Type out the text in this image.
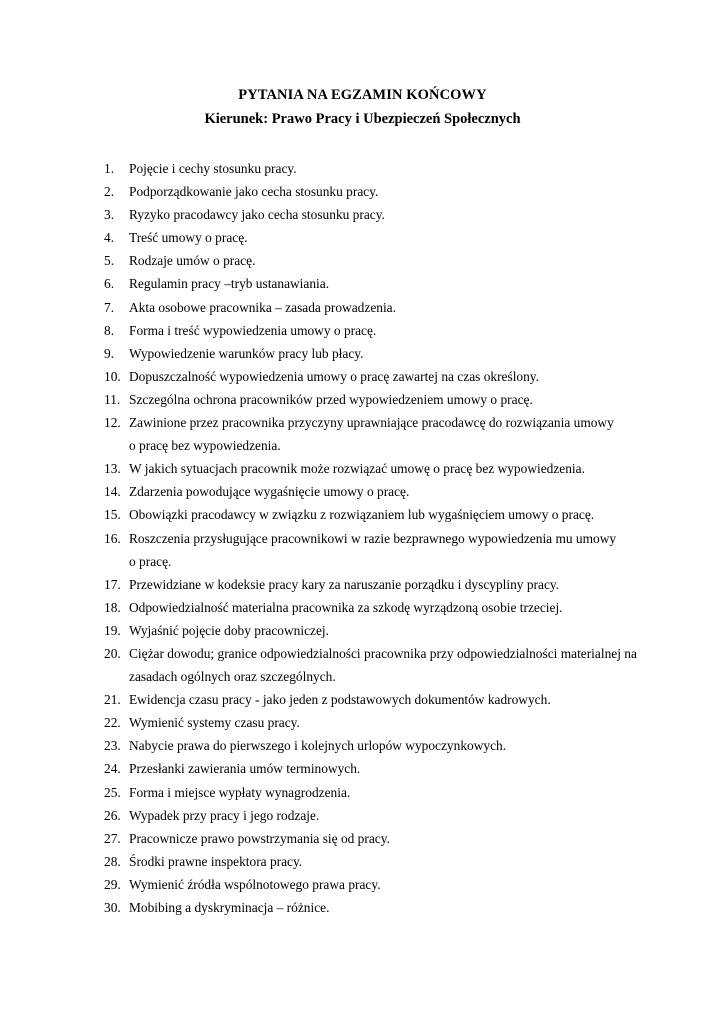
PYTANIA NA EGZAMIN KOŃCOWY
Kierunek: Prawo Pracy i Ubezpieczeń Społecznych
1. Pojęcie i cechy stosunku pracy.
2. Podporządkowanie jako cecha stosunku pracy.
3. Ryzyko pracodawcy jako cecha stosunku pracy.
4. Treść umowy o pracę.
5. Rodzaje umów o pracę.
6. Regulamin pracy –tryb ustanawiania.
7. Akta osobowe pracownika – zasada prowadzenia.
8. Forma i treść wypowiedzenia umowy o pracę.
9. Wypowiedzenie warunków pracy lub płacy.
10. Dopuszczalność wypowiedzenia umowy o pracę zawartej na czas określony.
11. Szczególna ochrona pracowników przed wypowiedzeniem umowy o pracę.
12. Zawinione przez pracownika przyczyny uprawniające pracodawcę do rozwiązania umowy
o pracę bez wypowiedzenia.
13. W jakich sytuacjach pracownik może rozwiązać umowę o pracę bez wypowiedzenia.
14. Zdarzenia powodujące wygaśnięcie umowy o pracę.
15. Obowiązki pracodawcy w związku z rozwiązaniem lub wygaśnięciem umowy o pracę.
16. Roszczenia przysługujące pracownikowi w razie bezprawnego wypowiedzenia mu umowy
o pracę.
17. Przewidziane w kodeksie pracy kary za naruszanie porządku i dyscypliny pracy.
18. Odpowiedzialność materialna pracownika za szkodę wyrządzoną osobie trzeciej.
19. Wyjaśnić pojęcie doby pracowniczej.
20. Ciężar dowodu; granice odpowiedzialności pracownika przy odpowiedzialności materialnej na
zasadach ogólnych oraz szczególnych.
21. Ewidencja czasu pracy - jako jeden z podstawowych dokumentów kadrowych.
22. Wymienić systemy czasu pracy.
23. Nabycie prawa do pierwszego i kolejnych urlopów wypoczynkowych.
24. Przesłanki zawierania umów terminowych.
25. Forma i miejsce wypłaty wynagrodzenia.
26. Wypadek przy pracy i jego rodzaje.
27. Pracownicze prawo powstrzymania się od pracy.
28. Środki prawne inspektora pracy.
29. Wymienić źródła wspólnotowego prawa pracy.
30. Mobibing a dyskryminacja – różnice.
